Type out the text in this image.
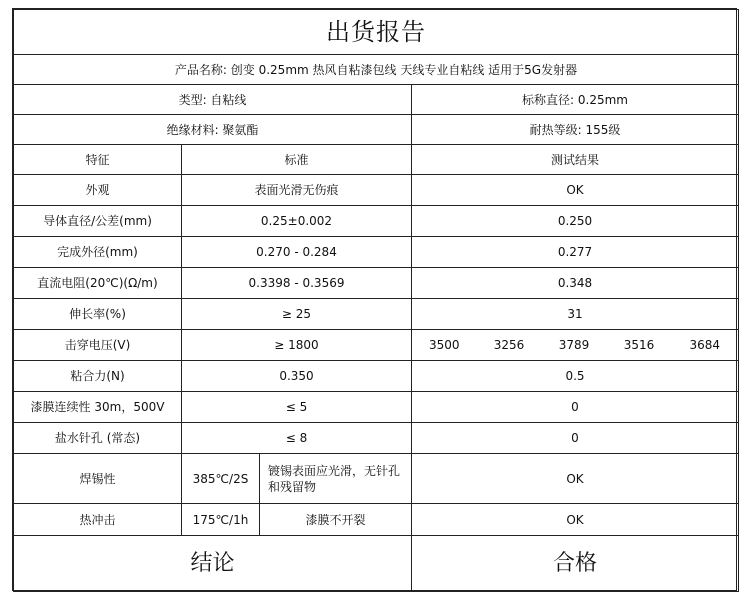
出货报告							
产品名称: 创变 0.25mm 热风自粘漆包线 天线专业自粘线 适用于5G发射器							
类型: 自粘线			标称直径: 0.25mm				
绝缘材料: 聚氨酯			耐热等级: 155级				
特征	标准		测试结果				
外观	表面光滑无伤痕		OK				
导体直径/公差(mm)	0.25±0.002		0.250				
完成外径(mm)	0.270 - 0.284		0.277				
直流电阻(20℃)(Ω/m)	0.3398 - 0.3569		0.348				
伸长率(%)	≥ 25		31				
击穿电压(V)	≥ 1800		3500	3256	3789	3516	3684
粘合力(N)	0.350		0.5				
漆膜连续性 30m，500V	≤ 5		0				
盐水针孔 (常态)	≤ 8		0				
焊锡性	385℃/2S	镀锡表面应光滑，无针孔和残留物	OK				
热冲击	175℃/1h	漆膜不开裂	OK				
结论			合格				
